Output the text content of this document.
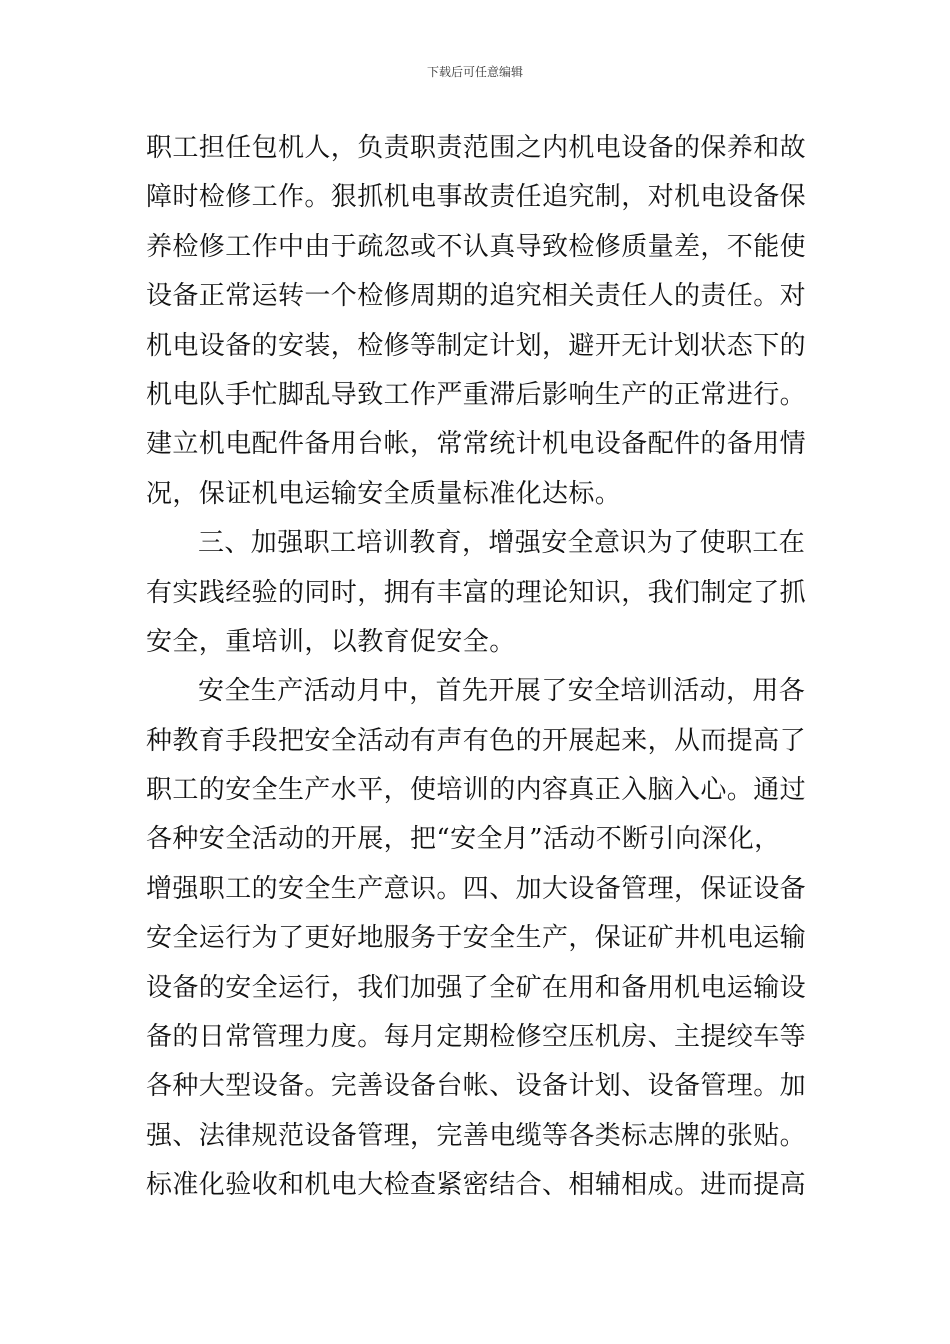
下载后可任意编辑
职工担任包机人，负责职责范围之内机电设备的保养和故
障时检修工作。狠抓机电事故责任追究制，对机电设备保
养检修工作中由于疏忽或不认真导致检修质量差，不能使
设备正常运转一个检修周期的追究相关责任人的责任。对
机电设备的安装，检修等制定计划，避开无计划状态下的
机电队手忙脚乱导致工作严重滞后影响生产的正常进行。
建立机电配件备用台帐，常常统计机电设备配件的备用情
况，保证机电运输安全质量标准化达标。
三、加强职工培训教育，增强安全意识为了使职工在
有实践经验的同时，拥有丰富的理论知识，我们制定了抓
安全，重培训，以教育促安全。
安全生产活动月中，首先开展了安全培训活动，用各
种教育手段把安全活动有声有色的开展起来，从而提高了
职工的安全生产水平，使培训的内容真正入脑入心。通过
各种安全活动的开展，把“安全月”活动不断引向深化，
增强职工的安全生产意识。四、加大设备管理，保证设备
安全运行为了更好地服务于安全生产，保证矿井机电运输
设备的安全运行，我们加强了全矿在用和备用机电运输设
备的日常管理力度。每月定期检修空压机房、主提绞车等
各种大型设备。完善设备台帐、设备计划、设备管理。加
强、法律规范设备管理，完善电缆等各类标志牌的张贴。
标准化验收和机电大检查紧密结合、相辅相成。进而提高
